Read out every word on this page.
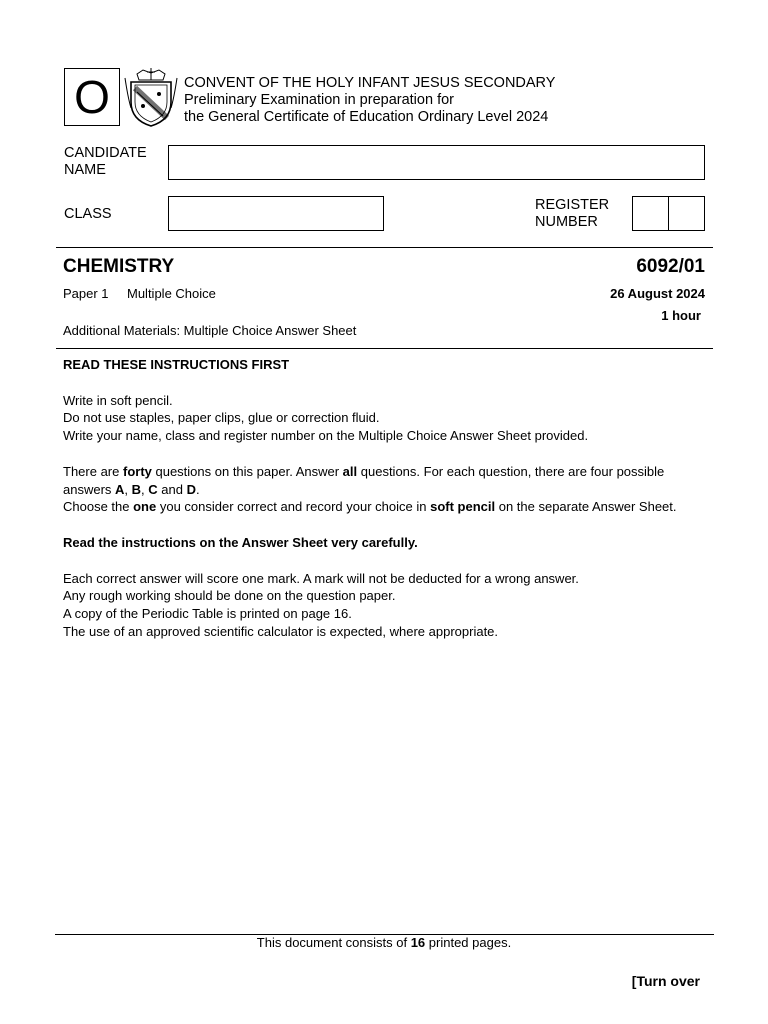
O	CONVENT OF THE HOLY INFANT JESUS SECONDARY
Preliminary Examination in preparation for
the General Certificate of Education Ordinary Level 2024
CANDIDATE
NAME
CLASS
REGISTER
NUMBER
CHEMISTRY	6092/01
Paper 1 Multiple Choice	26 August 2024
1 hour
Additional Materials: Multiple Choice Answer Sheet

READ THESE INSTRUCTIONS FIRST

Write in soft pencil.

Do not use staples, paper clips, glue or correction fluid.

Write your name, class and register number on the Multiple Choice Answer Sheet provided.

There are forty questions on this paper. Answer all questions. For each question, there are four possible answers A, B, C and D.

Choose the one you consider correct and record your choice in soft pencil on the separate Answer Sheet.

Read the instructions on the Answer Sheet very carefully.

Each correct answer will score one mark. A mark will not be deducted for a wrong answer.

Any rough working should be done on the question paper.

A copy of the Periodic Table is printed on page 16.

The use of an approved scientific calculator is expected, where appropriate.

This document consists of 16 printed pages.
[Turn over
